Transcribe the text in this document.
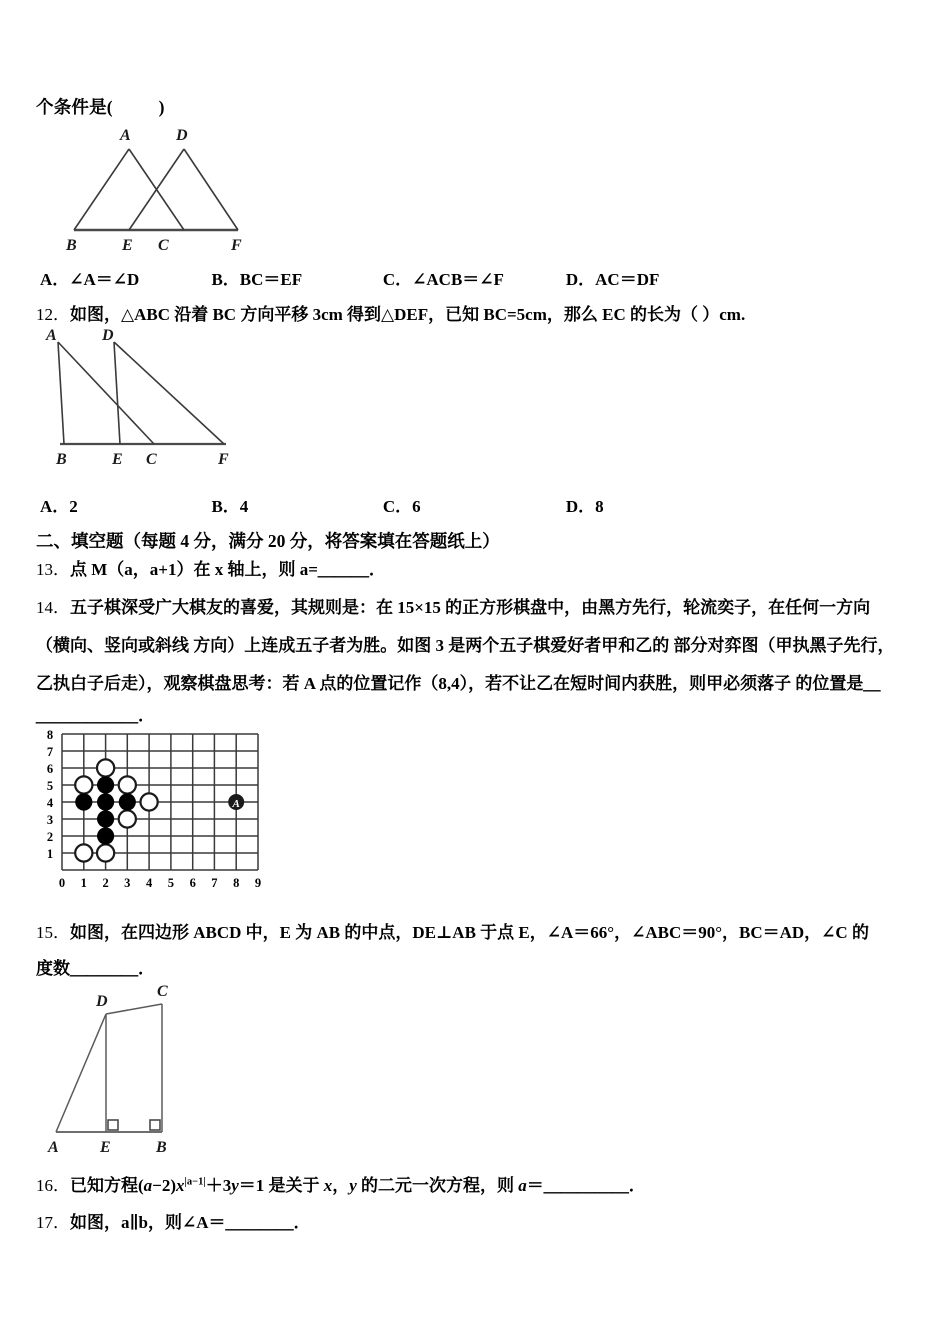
个条件是(          )
A	D
B	E C	F
A．∠A＝∠D	B．BC＝EF	C．∠ACB＝∠F	D．AC＝DF
12．如图，△ABC 沿着 BC 方向平移 3cm 得到△DEF，已知 BC=5cm，那么 EC 的长为（ ）cm.
A	D
B	E C	F
A．2	B．4	C．6	D．8
二、填空题（每题 4 分，满分 20 分，将答案填在答题纸上）
13．点 M（a，a+1）在 x 轴上，则 a=＿＿＿．
14．五子棋深受广大棋友的喜爱，其规则是：在 15×15 的正方形棋盘中，由黑方先行，轮流奕子，在任何一方向
（横向、竖向或斜线 方向）上连成五子者为胜。如图 3 是两个五子棋爱好者甲和乙的 部分对弈图（甲执黑子先行，
乙执白子后走），观察棋盘思考：若 A 点的位置记作（8,4），若不让乙在短时间内获胜，则甲必须落子 的位置是＿
＿＿＿＿＿＿．
A
1
2
3
4
5
6
7
8
0 1 2 3 4 5 6 7 8 9
15．如图，在四边形 ABCD 中，E 为 AB 的中点，DE⊥AB 于点 E，∠A＝66°，∠ABC＝90°，BC＝AD，∠C 的
度数＿＿＿＿．
D
C
A	E	B
16．已知方程$(a-2)x^{|a-1|}+3y=1$ 是关于 x，y 的二元一次方程，则 a＝＿＿＿＿＿．
17．如图，a∥b，则∠A＝＿＿＿＿．
